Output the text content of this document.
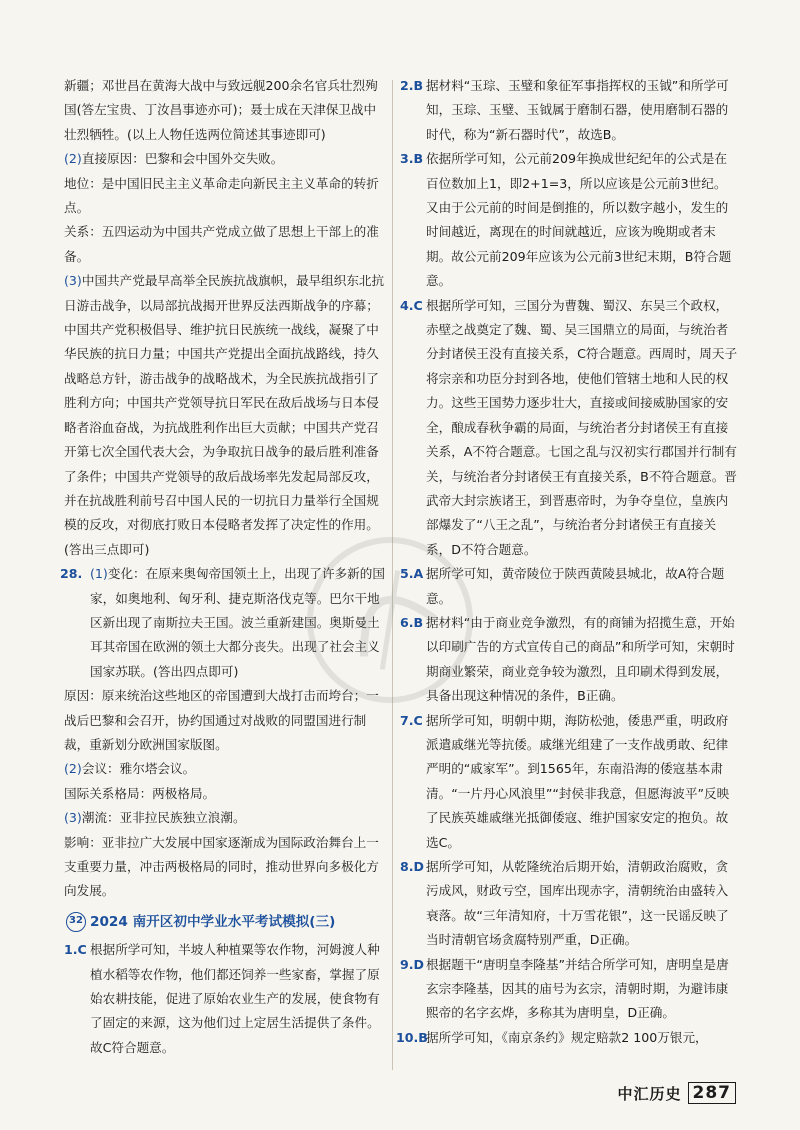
新疆；邓世昌在黄海大战中与致远舰200余名官兵壮烈殉国(答左宝贵、丁汝昌事迹亦可)；聂士成在天津保卫战中壮烈牺牲。(以上人物任选两位简述其事迹即可)

(2)直接原因：巴黎和会中国外交失败。

地位：是中国旧民主主义革命走向新民主主义革命的转折点。

关系：五四运动为中国共产党成立做了思想上干部上的准备。

(3)中国共产党最早高举全民族抗战旗帜，最早组织东北抗日游击战争，以局部抗战揭开世界反法西斯战争的序幕；中国共产党积极倡导、维护抗日民族统一战线，凝聚了中华民族的抗日力量；中国共产党提出全面抗战路线，持久战略总方针，游击战争的战略战术，为全民族抗战指引了胜利方向；中国共产党领导抗日军民在敌后战场与日本侵略者浴血奋战，为抗战胜利作出巨大贡献；中国共产党召开第七次全国代表大会，为争取抗日战争的最后胜利准备了条件；中国共产党领导的敌后战场率先发起局部反攻，并在抗战胜利前号召中国人民的一切抗日力量举行全国规模的反攻，对彻底打败日本侵略者发挥了决定性的作用。(答出三点即可)

28. (1)变化：在原来奥匈帝国领土上，出现了许多新的国家，如奥地利、匈牙利、捷克斯洛伐克等。巴尔干地区新出现了南斯拉夫王国。波兰重新建国。奥斯曼土耳其帝国在欧洲的领土大都分丧失。出现了社会主义国家苏联。(答出四点即可)

原因：原来统治这些地区的帝国遭到大战打击而垮台；一战后巴黎和会召开，协约国通过对战败的同盟国进行制裁，重新划分欧洲国家版图。

(2)会议：雅尔塔会议。

国际关系格局：两极格局。

(3)潮流：亚非拉民族独立浪潮。

影响：亚非拉广大发展中国家逐渐成为国际政治舞台上一支重要力量，冲击两极格局的同时，推动世界向多极化方向发展。

32 2024 南开区初中学业水平考试模拟(三)
1.C 根据所学可知，半坡人种植粟等农作物，河姆渡人种植水稻等农作物，他们都还饲养一些家畜，掌握了原始农耕技能，促进了原始农业生产的发展，使食物有了固定的来源，这为他们过上定居生活提供了条件。故C符合题意。

2.B 据材料“玉琮、玉璧和象征军事指挥权的玉钺”和所学可知，玉琮、玉璧、玉钺属于磨制石器，使用磨制石器的时代，称为“新石器时代”，故选B。

3.B 依据所学可知，公元前209年换成世纪纪年的公式是在百位数加上1，即2+1=3，所以应该是公元前3世纪。又由于公元前的时间是倒推的，所以数字越小，发生的时间越近，离现在的时间就越近，应该为晚期或者末期。故公元前209年应该为公元前3世纪末期，B符合题意。

4.C 根据所学可知，三国分为曹魏、蜀汉、东吴三个政权，赤壁之战奠定了魏、蜀、吴三国鼎立的局面，与统治者分封诸侯王没有直接关系，C符合题意。西周时，周天子将宗亲和功臣分封到各地，使他们管辖土地和人民的权力。这些王国势力逐步壮大，直接或间接威胁国家的安全，酿成春秋争霸的局面，与统治者分封诸侯王有直接关系，A不符合题意。七国之乱与汉初实行郡国并行制有关，与统治者分封诸侯王有直接关系，B不符合题意。晋武帝大封宗族诸王，到晋惠帝时，为争夺皇位，皇族内部爆发了“八王之乱”，与统治者分封诸侯王有直接关系，D不符合题意。

5.A 据所学可知，黄帝陵位于陕西黄陵县城北，故A符合题意。

6.B 据材料“由于商业竞争激烈，有的商铺为招揽生意，开始以印刷广告的方式宣传自己的商品”和所学可知，宋朝时期商业繁荣，商业竞争较为激烈，且印刷术得到发展，具备出现这种情况的条件，B正确。

7.C 据所学可知，明朝中期，海防松弛，倭患严重，明政府派遣戚继光等抗倭。戚继光组建了一支作战勇敢、纪律严明的“戚家军”。到1565年，东南沿海的倭寇基本肃清。“一片丹心风浪里”“封侯非我意，但愿海波平”反映了民族英雄戚继光抵御倭寇、维护国家安定的抱负。故选C。

8.D 据所学可知，从乾隆统治后期开始，清朝政治腐败，贪污成风，财政亏空，国库出现赤字，清朝统治由盛转入衰落。故“三年清知府，十万雪花银”，这一民谣反映了当时清朝官场贪腐特别严重，D正确。

9.D 根据题干“唐明皇李隆基”并结合所学可知，唐明皇是唐玄宗李隆基，因其的庙号为玄宗，清朝时期，为避讳康熙帝的名字玄烨，多称其为唐明皇，D正确。

10.B

据所学可知，《南京条约》规定赔款2 100万银元，

中汇历史 287
